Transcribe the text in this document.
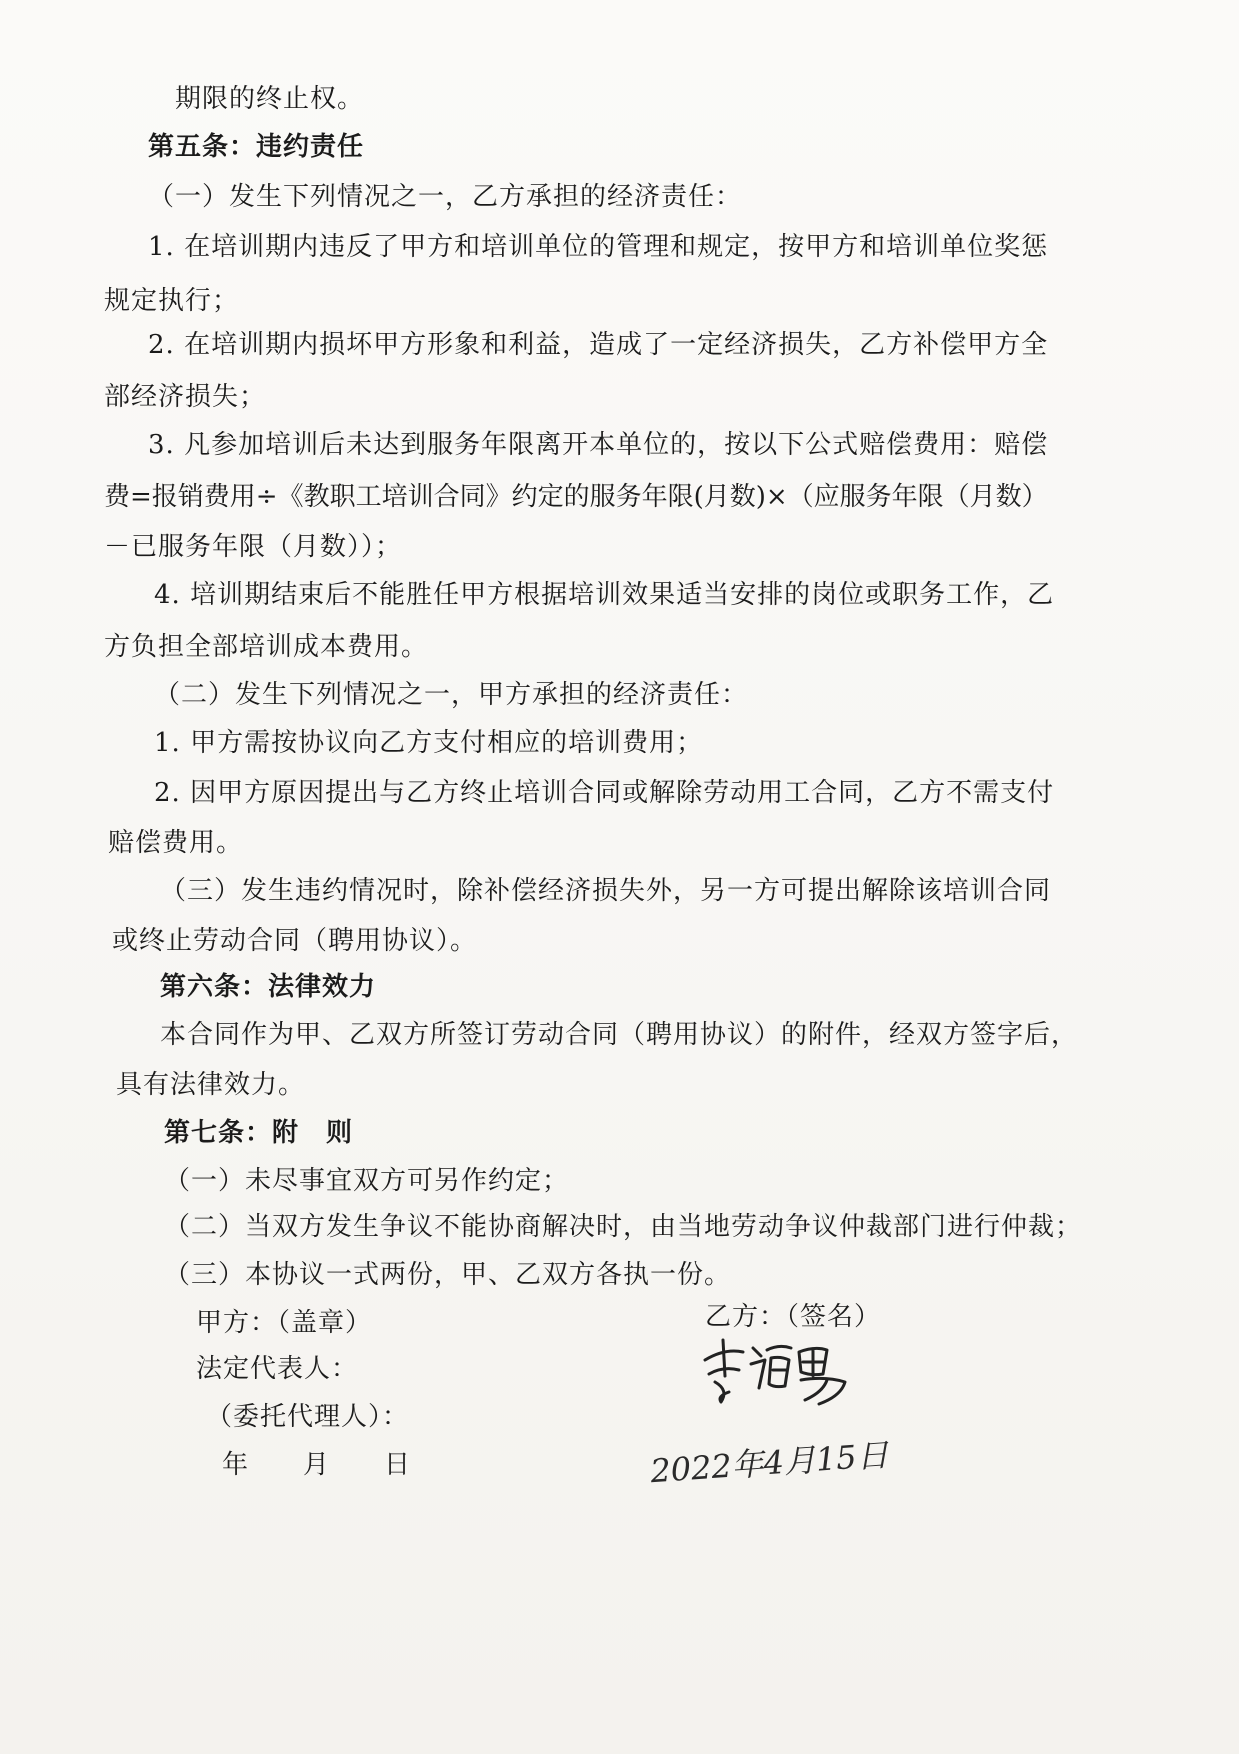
期限的终止权。
第五条：违约责任
（一）发生下列情况之一，乙方承担的经济责任：
1. 在培训期内违反了甲方和培训单位的管理和规定，按甲方和培训单位奖惩
规定执行；
2. 在培训期内损坏甲方形象和利益，造成了一定经济损失，乙方补偿甲方全
部经济损失；
3. 凡参加培训后未达到服务年限离开本单位的，按以下公式赔偿费用：赔偿
费=报销费用÷《教职工培训合同》约定的服务年限(月数)×（应服务年限（月数）
－已服务年限（月数））；
4. 培训期结束后不能胜任甲方根据培训效果适当安排的岗位或职务工作，乙
方负担全部培训成本费用。
（二）发生下列情况之一，甲方承担的经济责任：
1. 甲方需按协议向乙方支付相应的培训费用；
2. 因甲方原因提出与乙方终止培训合同或解除劳动用工合同，乙方不需支付
赔偿费用。
（三）发生违约情况时，除补偿经济损失外，另一方可提出解除该培训合同
或终止劳动合同（聘用协议）。
第六条：法律效力
本合同作为甲、乙双方所签订劳动合同（聘用协议）的附件，经双方签字后，
具有法律效力。
第七条：附　则
（一）未尽事宜双方可另作约定；
（二）当双方发生争议不能协商解决时，由当地劳动争议仲裁部门进行仲裁；
（三）本协议一式两份，甲、乙双方各执一份。
甲方：（盖章）
法定代表人：
（委托代理人）：
年　　月　　日
乙方：（签名）
2022年4月15日
